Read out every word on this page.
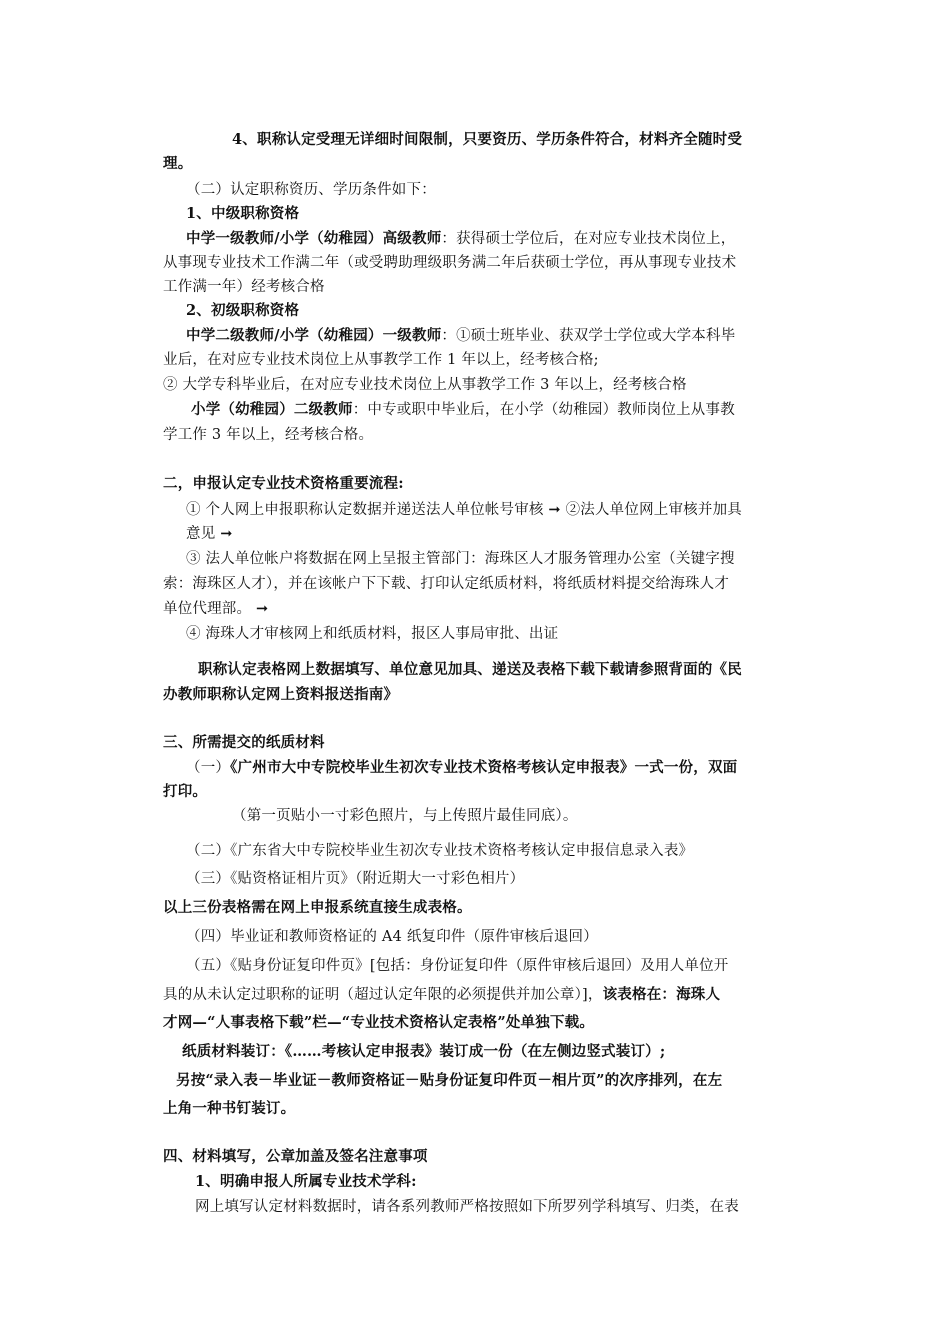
4、职称认定受理无详细时间限制，只要资历、学历条件符合，材料齐全随时受
理。
（二）认定职称资历、学历条件如下：
1、中级职称资格
中学一级教师/小学（幼稚园）高级教师：获得硕士学位后，在对应专业技术岗位上，
从事现专业技术工作满二年（或受聘助理级职务满二年后获硕士学位，再从事现专业技术
工作满一年）经考核合格
2、初级职称资格
中学二级教师/小学（幼稚园）一级教师：①硕士班毕业、获双学士学位或大学本科毕
业后，在对应专业技术岗位上从事教学工作 1 年以上，经考核合格;
② 大学专科毕业后，在对应专业技术岗位上从事教学工作 3 年以上，经考核合格
小学（幼稚园）二级教师：中专或职中毕业后，在小学（幼稚园）教师岗位上从事教
学工作 3 年以上，经考核合格。
二，申报认定专业技术资格重要流程:
① 个人网上申报职称认定数据并递送法人单位帐号审核 ➞ ②法人单位网上审核并加具
意见 ➞
③ 法人单位帐户将数据在网上呈报主管部门：海珠区人才服务管理办公室（关键字搜
索：海珠区人才），并在该帐户下下载、打印认定纸质材料，将纸质材料提交给海珠人才
单位代理部。 ➞
④ 海珠人才审核网上和纸质材料，报区人事局审批、出证
职称认定表格网上数据填写、单位意见加具、递送及表格下载下载请参照背面的《民
办教师职称认定网上资料报送指南》
三、所需提交的纸质材料
（一）《广州市大中专院校毕业生初次专业技术资格考核认定申报表》一式一份，双面
打印。
（第一页贴小一寸彩色照片，与上传照片最佳同底）。
（二）《广东省大中专院校毕业生初次专业技术资格考核认定申报信息录入表》
（三）《贴资格证相片页》（附近期大一寸彩色相片）
以上三份表格需在网上申报系统直接生成表格。
（四）毕业证和教师资格证的 A4 纸复印件（原件审核后退回）
（五）《贴身份证复印件页》[包括：身份证复印件（原件审核后退回）及用人单位开
具的从未认定过职称的证明（超过认定年限的必须提供并加公章）]，该表格在：海珠人
才网—“人事表格下载”栏—“专业技术资格认定表格”处单独下载。
纸质材料装订：《……考核认定申报表》装订成一份（在左侧边竖式装订）;
另按“录入表－毕业证－教师资格证－贴身份证复印件页－相片页”的次序排列，在左
上角一种书钉装订。
四、材料填写，公章加盖及签名注意事项
1、明确申报人所属专业技术学科:
网上填写认定材料数据时，请各系列教师严格按照如下所罗列学科填写、归类，在表
